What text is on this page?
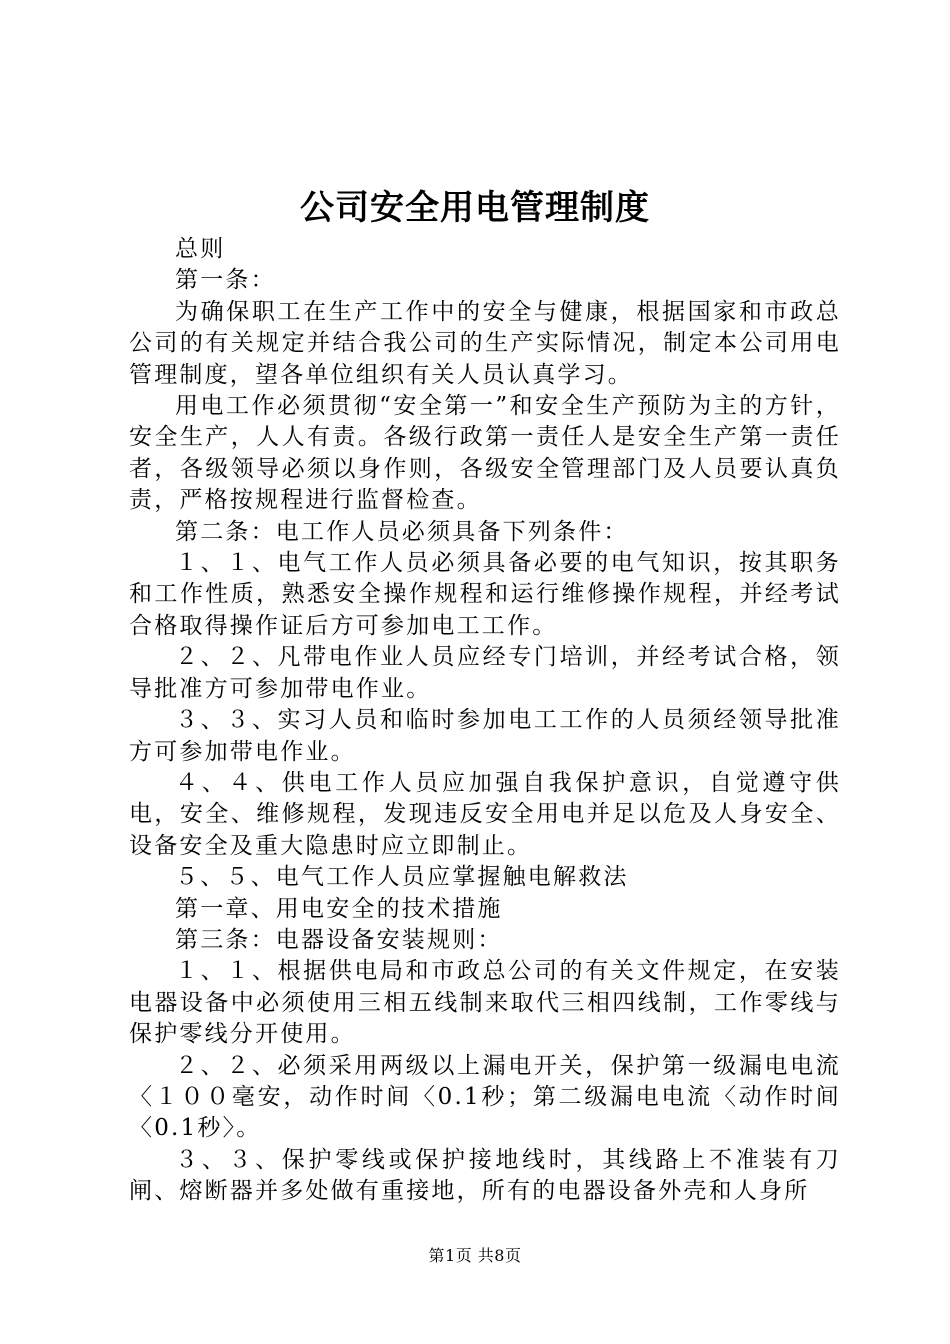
公司安全用电管理制度

总则

第一条：

为确保职工在生产工作中的安全与健康，根据国家和市政总公司的有关规定并结合我公司的生产实际情况，制定本公司用电管理制度，望各单位组织有关人员认真学习。

用电工作必须贯彻“安全第一”和安全生产预防为主的方针，安全生产，人人有责。各级行政第一责任人是安全生产第一责任者，各级领导必须以身作则，各级安全管理部门及人员要认真负责，严格按规程进行监督检查。

第二条：电工作人员必须具备下列条件：

１、１、电气工作人员必须具备必要的电气知识，按其职务和工作性质，熟悉安全操作规程和运行维修操作规程，并经考试合格取得操作证后方可参加电工工作。

２、２、凡带电作业人员应经专门培训，并经考试合格，领导批准方可参加带电作业。

３、３、实习人员和临时参加电工工作的人员须经领导批准方可参加带电作业。

４、４、供电工作人员应加强自我保护意识，自觉遵守供电，安全、维修规程，发现违反安全用电并足以危及人身安全、设备安全及重大隐患时应立即制止。

５、５、电气工作人员应掌握触电解救法

第一章、用电安全的技术措施

第三条：电器设备安装规则：

１、１、根据供电局和市政总公司的有关文件规定，在安装电器设备中必须使用三相五线制来取代三相四线制，工作零线与保护零线分开使用。

２、２、必须采用两级以上漏电开关，保护第一级漏电电流〈１００毫安，动作时间〈0.1秒；第二级漏电电流〈动作时间〈0.1秒〉。

３、３、保护零线或保护接地线时，其线路上不准装有刀闸、熔断器并多处做有重接地，所有的电器设备外壳和人身所

第1页 共8页
